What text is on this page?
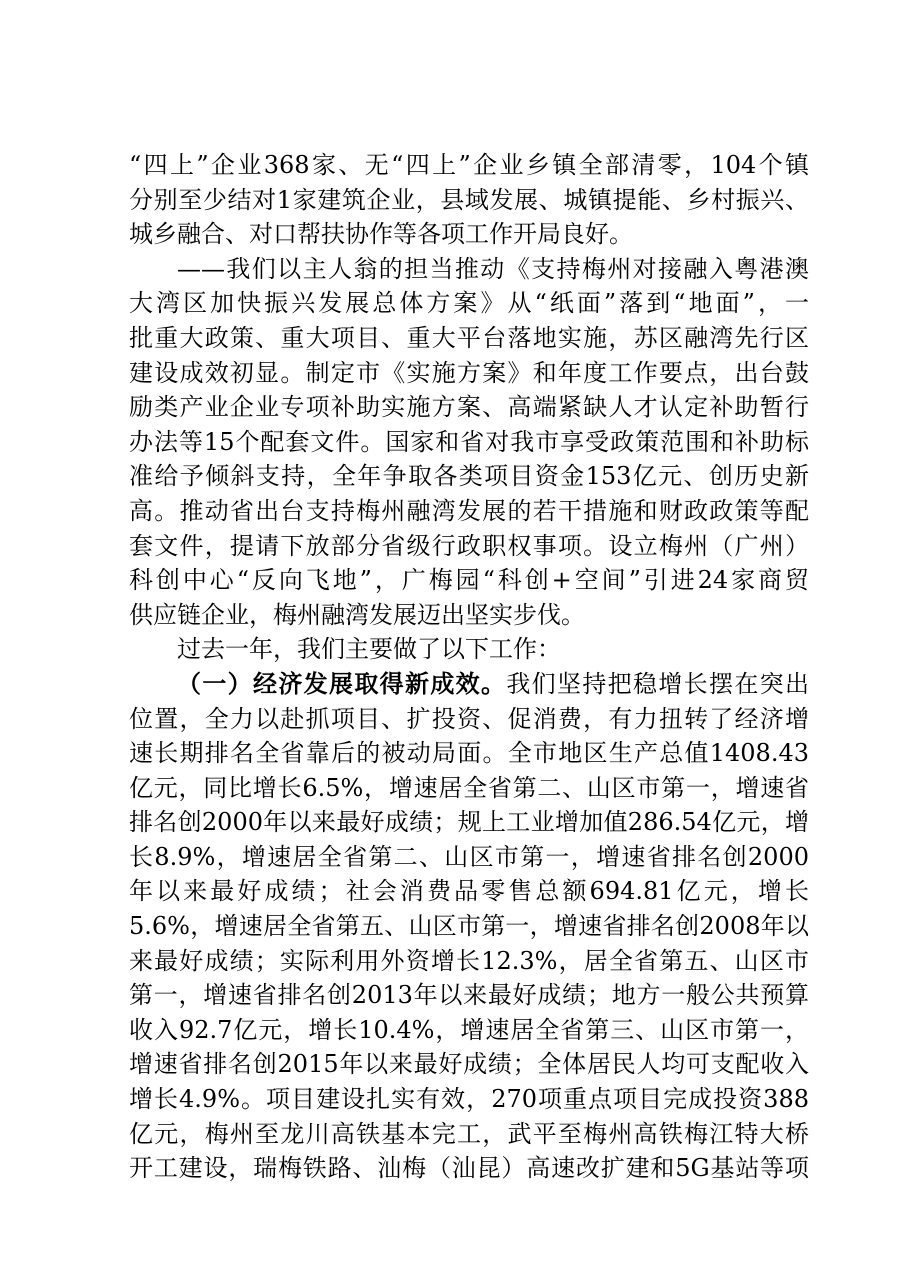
“四上”企业368家、无“四上”企业乡镇全部清零，104个镇
分别至少结对1家建筑企业，县域发展、城镇提能、乡村振兴、
城乡融合、对口帮扶协作等各项工作开局良好。
——我们以主人翁的担当推动《支持梅州对接融入粤港澳
大湾区加快振兴发展总体方案》从“纸面”落到“地面”，一
批重大政策、重大项目、重大平台落地实施，苏区融湾先行区
建设成效初显。制定市《实施方案》和年度工作要点，出台鼓
励类产业企业专项补助实施方案、高端紧缺人才认定补助暂行
办法等15个配套文件。国家和省对我市享受政策范围和补助标
准给予倾斜支持，全年争取各类项目资金153亿元、创历史新
高。推动省出台支持梅州融湾发展的若干措施和财政政策等配
套文件，提请下放部分省级行政职权事项。设立梅州（广州）
科创中心“反向飞地”，广梅园“科创+空间”引进24家商贸
供应链企业，梅州融湾发展迈出坚实步伐。
过去一年，我们主要做了以下工作：
（一）经济发展取得新成效。我们坚持把稳增长摆在突出
位置，全力以赴抓项目、扩投资、促消费，有力扭转了经济增
速长期排名全省靠后的被动局面。全市地区生产总值1408.43
亿元，同比增长6.5%，增速居全省第二、山区市第一，增速省
排名创2000年以来最好成绩；规上工业增加值286.54亿元，增
长8.9%，增速居全省第二、山区市第一，增速省排名创2000
年以来最好成绩；社会消费品零售总额694.81亿元，增长
5.6%，增速居全省第五、山区市第一，增速省排名创2008年以
来最好成绩；实际利用外资增长12.3%，居全省第五、山区市
第一，增速省排名创2013年以来最好成绩；地方一般公共预算
收入92.7亿元，增长10.4%，增速居全省第三、山区市第一，
增速省排名创2015年以来最好成绩；全体居民人均可支配收入
增长4.9%。项目建设扎实有效，270项重点项目完成投资388
亿元，梅州至龙川高铁基本完工，武平至梅州高铁梅江特大桥
开工建设，瑞梅铁路、汕梅（汕昆）高速改扩建和5G基站等项
